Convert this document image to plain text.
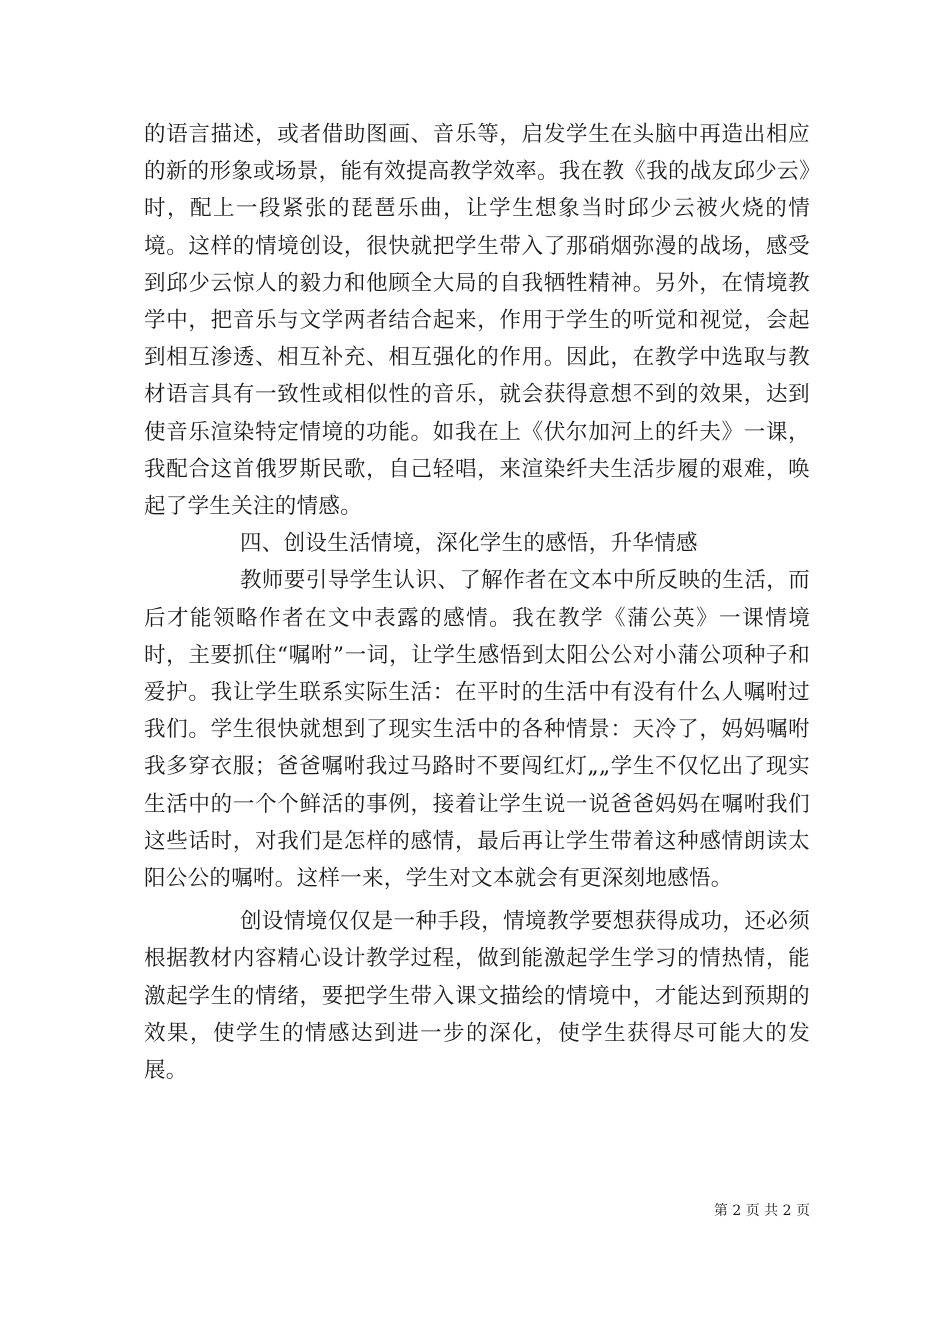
的语言描述，或者借助图画、音乐等，启发学生在头脑中再造出相应的新的形象或场景，能有效提高教学效率。我在教《我的战友邱少云》时，配上一段紧张的琵琶乐曲，让学生想象当时邱少云被火烧的情境。这样的情境创设，很快就把学生带入了那硝烟弥漫的战场，感受到邱少云惊人的毅力和他顾全大局的自我牺牲精神。另外，在情境教学中，把音乐与文学两者结合起来，作用于学生的听觉和视觉，会起到相互渗透、相互补充、相互强化的作用。因此，在教学中选取与教材语言具有一致性或相似性的音乐，就会获得意想不到的效果，达到使音乐渲染特定情境的功能。如我在上《伏尔加河上的纤夫》一课，我配合这首俄罗斯民歌，自己轻唱，来渲染纤夫生活步履的艰难，唤起了学生关注的情感。

四、创设生活情境，深化学生的感悟，升华情感

教师要引导学生认识、了解作者在文本中所反映的生活，而后才能领略作者在文中表露的感情。我在教学《蒲公英》一课情境时，主要抓住“嘱咐”一词，让学生感悟到太阳公公对小蒲公项种子和爱护。我让学生联系实际生活：在平时的生活中有没有什么人嘱咐过我们。学生很快就想到了现实生活中的各种情景：天冷了，妈妈嘱咐我多穿衣服；爸爸嘱咐我过马路时不要闯红灯„„学生不仅忆出了现实生活中的一个个鲜活的事例，接着让学生说一说爸爸妈妈在嘱咐我们这些话时，对我们是怎样的感情，最后再让学生带着这种感情朗读太阳公公的嘱咐。这样一来，学生对文本就会有更深刻地感悟。

创设情境仅仅是一种手段，情境教学要想获得成功，还必须根据教材内容精心设计教学过程，做到能激起学生学习的情热情，能激起学生的情绪，要把学生带入课文描绘的情境中，才能达到预期的效果，使学生的情感达到进一步的深化，使学生获得尽可能大的发展。

第 2 页 共 2 页
